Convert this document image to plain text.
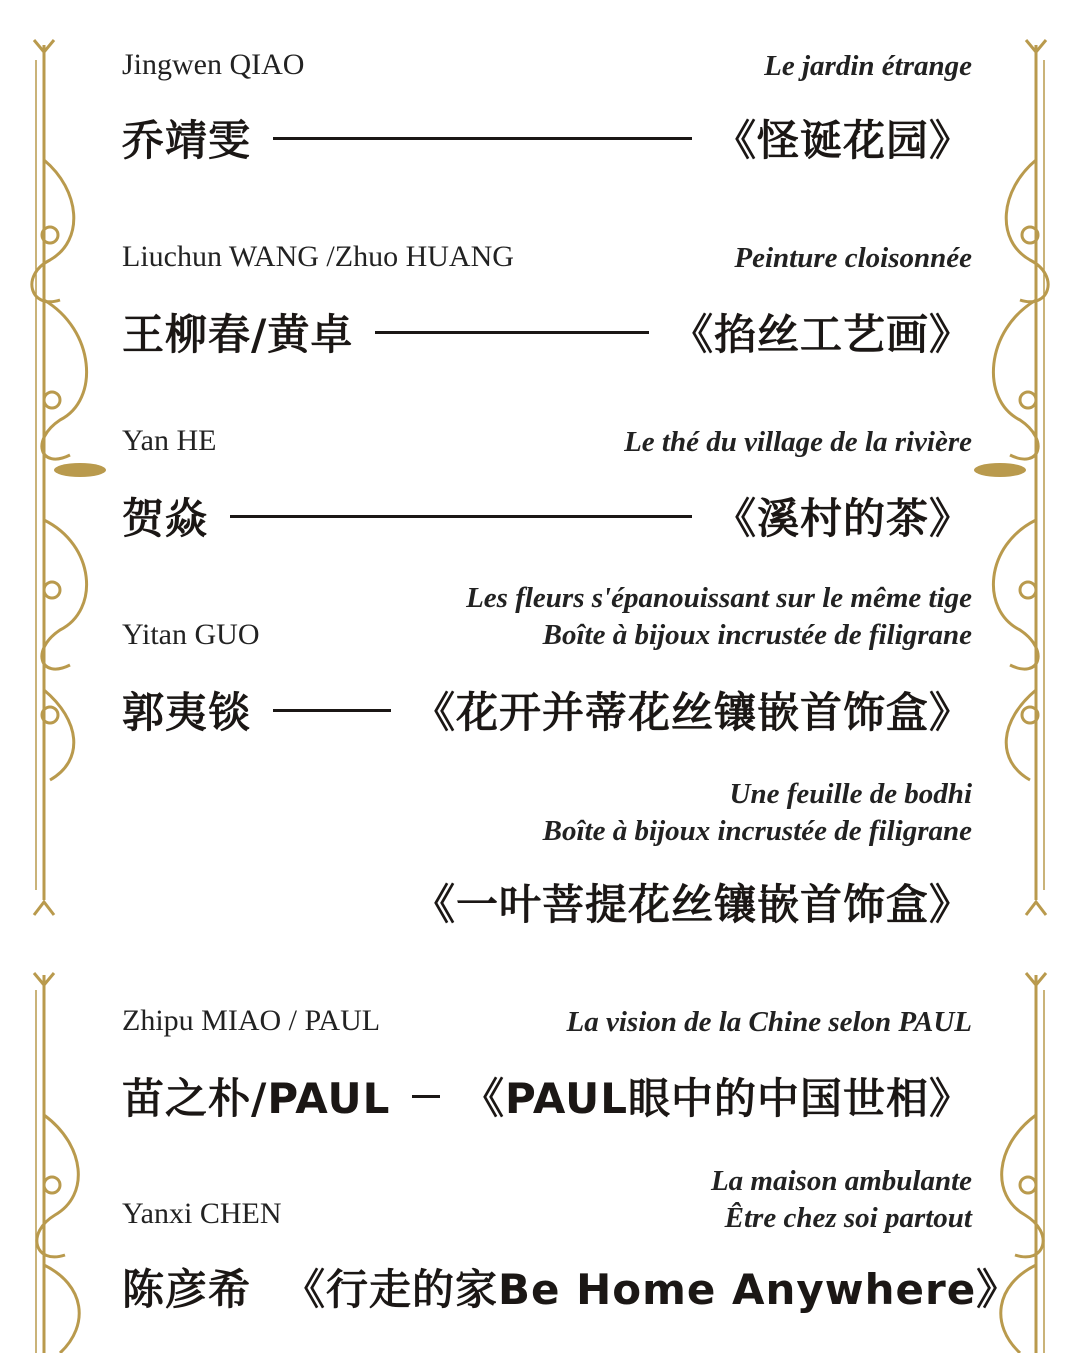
Jingwen QIAO	Le jardin étrange
乔靖雯	《怪诞花园》
Liuchun WANG /Zhuo HUANG	Peinture cloisonnée
王柳春/黄卓	《掐丝工艺画》
Yan HE	Le thé du village de la rivière
贺焱	《溪村的茶》
Yitan GUO
Les fleurs s'épanouissant sur le même tige
Boîte à bijoux incrustée de filigrane
郭夷锬	《花开并蒂花丝镶嵌首饰盒》
Une feuille de bodhi
Boîte à bijoux incrustée de filigrane
《一叶菩提花丝镶嵌首饰盒》
Zhipu MIAO / PAUL	La vision de la Chine selon PAUL
苗之朴/PAUL 《PAUL眼中的中国世相》
Yanxi CHEN
La maison ambulante
Être chez soi partout
陈彦希 《行走的家Be Home Anywhere》
